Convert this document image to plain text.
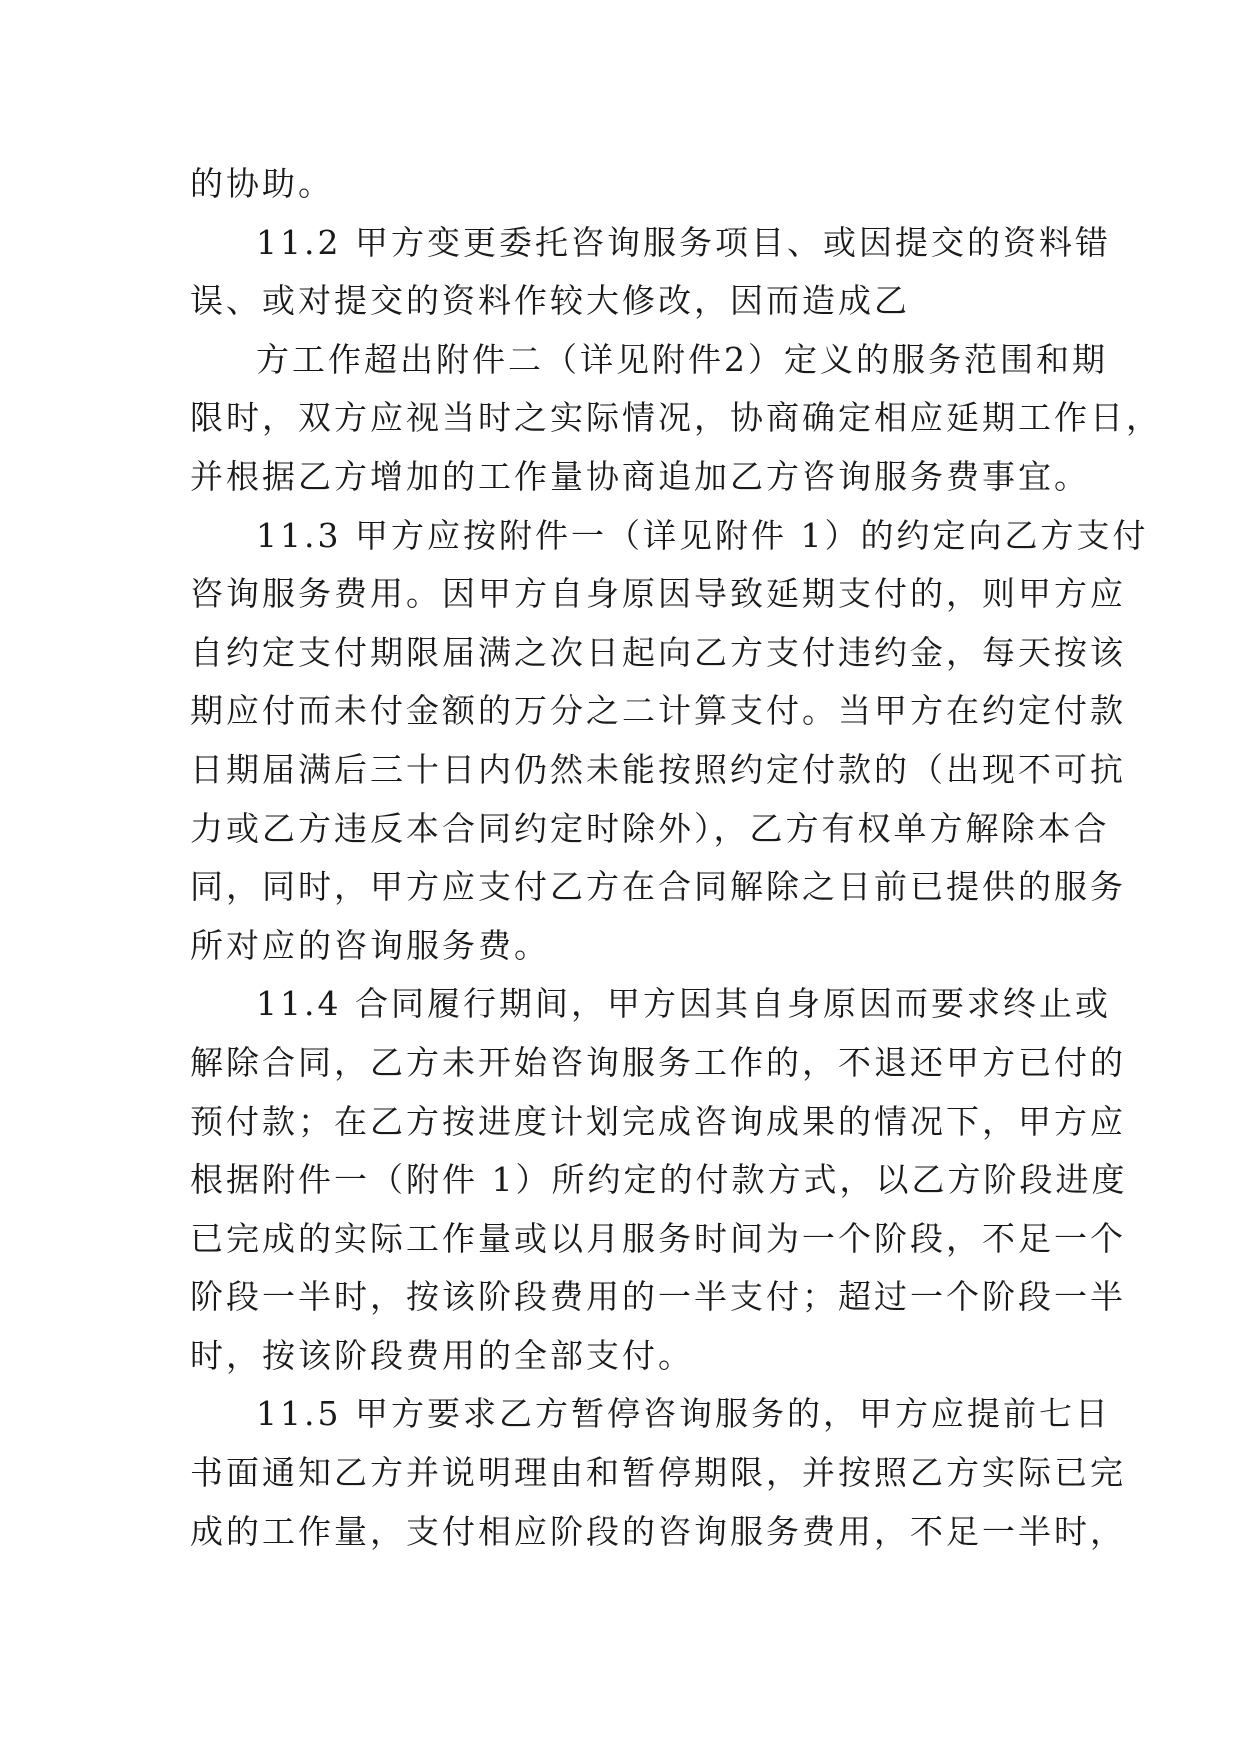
的协助。
11.2 甲方变更委托咨询服务项目、或因提交的资料错
误、或对提交的资料作较大修改，因而造成乙
方工作超出附件二（详见附件2）定义的服务范围和期
限时，双方应视当时之实际情况，协商确定相应延期工作日，
并根据乙方增加的工作量协商追加乙方咨询服务费事宜。
11.3 甲方应按附件一（详见附件 1）的约定向乙方支付
咨询服务费用。因甲方自身原因导致延期支付的，则甲方应
自约定支付期限届满之次日起向乙方支付违约金，每天按该
期应付而未付金额的万分之二计算支付。当甲方在约定付款
日期届满后三十日内仍然未能按照约定付款的（出现不可抗
力或乙方违反本合同约定时除外），乙方有权单方解除本合
同，同时，甲方应支付乙方在合同解除之日前已提供的服务
所对应的咨询服务费。
11.4 合同履行期间，甲方因其自身原因而要求终止或
解除合同，乙方未开始咨询服务工作的，不退还甲方已付的
预付款；在乙方按进度计划完成咨询成果的情况下，甲方应
根据附件一（附件 1）所约定的付款方式，以乙方阶段进度
已完成的实际工作量或以月服务时间为一个阶段，不足一个
阶段一半时，按该阶段费用的一半支付；超过一个阶段一半
时，按该阶段费用的全部支付。
11.5 甲方要求乙方暂停咨询服务的，甲方应提前七日
书面通知乙方并说明理由和暂停期限，并按照乙方实际已完
成的工作量，支付相应阶段的咨询服务费用，不足一半时，
